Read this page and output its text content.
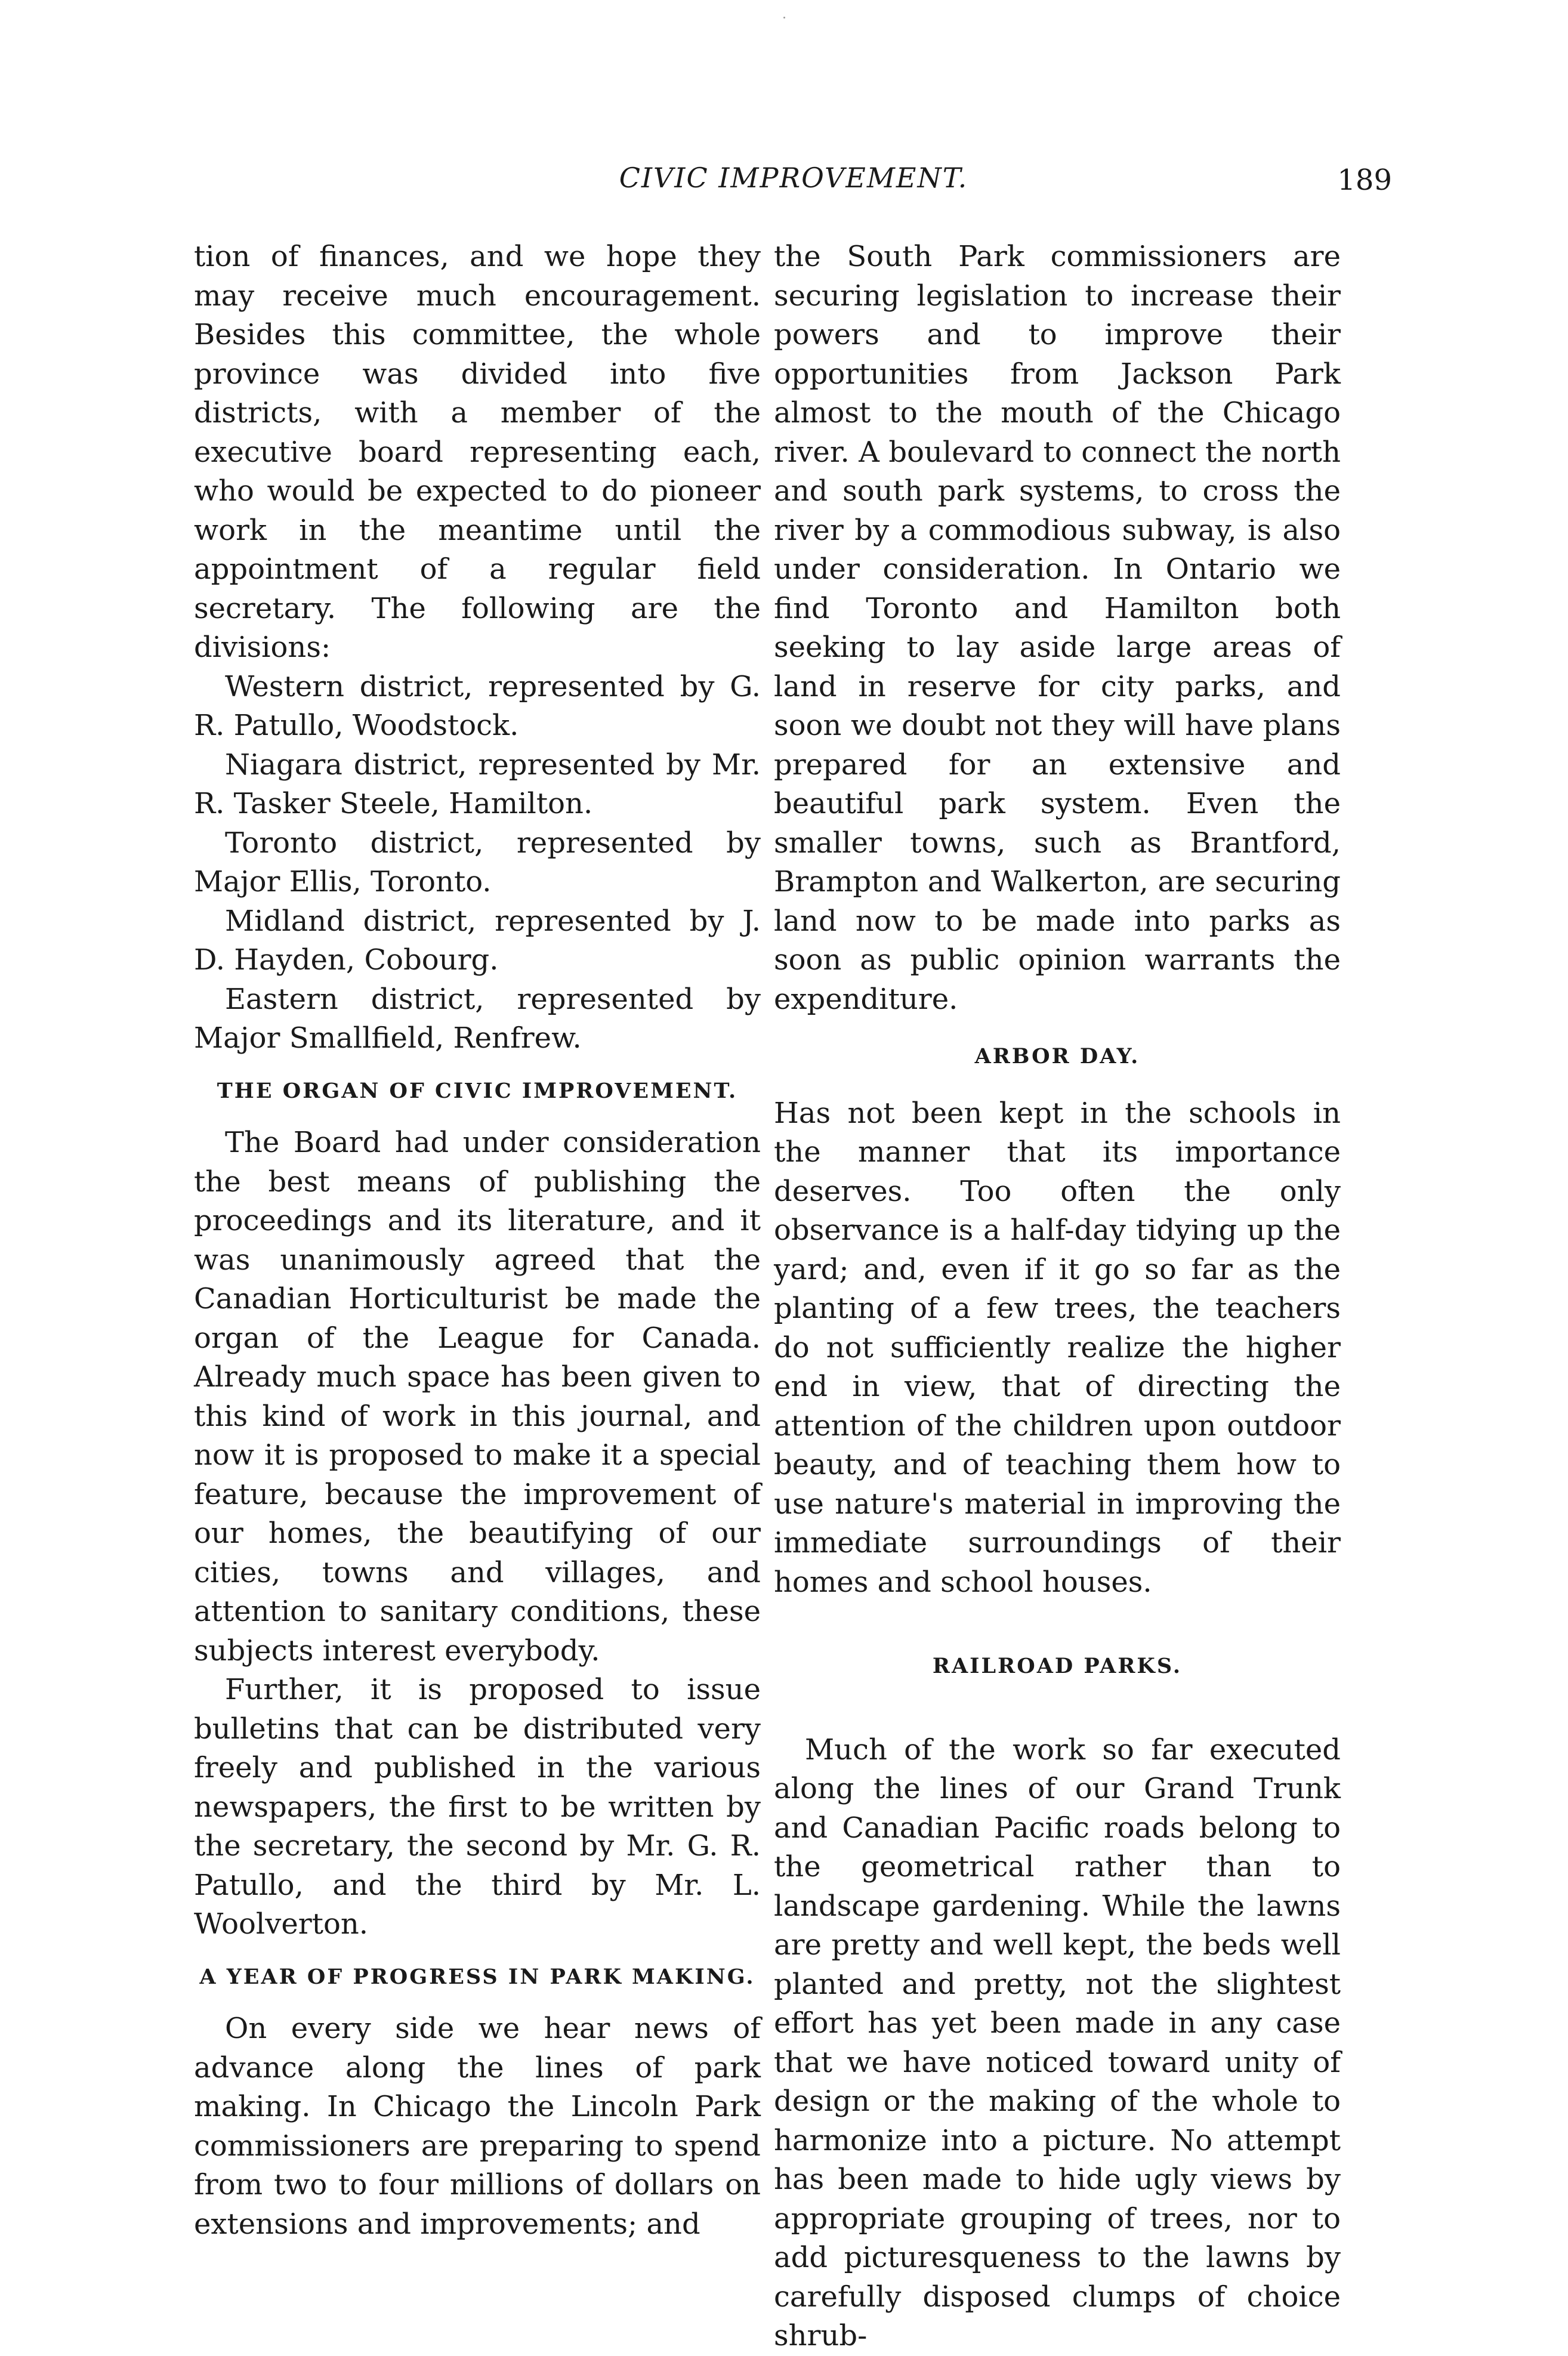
CIVIC IMPROVEMENT.	189

tion of finances, and we hope they may receive much encouragement. Besides this committee, the whole province was divided into five districts, with a member of the executive board representing each, who would be expected to do pioneer work in the meantime until the appointment of a regular field secretary. The following are the divisions:

Western district, represented by G. R. Patullo, Woodstock.

Niagara district, represented by Mr. R. Tasker Steele, Hamilton.

Toronto district, represented by Major Ellis, Toronto.

Midland district, represented by J. D. Hayden, Cobourg.

Eastern district, represented by Major Smallfield, Renfrew.

THE ORGAN OF CIVIC IMPROVEMENT.

The Board had under consideration the best means of publishing the proceedings and its literature, and it was unanimously agreed that the Canadian Horticulturist be made the organ of the League for Canada. Already much space has been given to this kind of work in this journal, and now it is proposed to make it a special feature, because the improvement of our homes, the beautifying of our cities, towns and villages, and attention to sanitary conditions, these subjects interest everybody.

Further, it is proposed to issue bulletins that can be distributed very freely and published in the various newspapers, the first to be written by the secretary, the second by Mr. G. R. Patullo, and the third by Mr. L. Woolverton.

A YEAR OF PROGRESS IN PARK MAKING.

On every side we hear news of advance along the lines of park making. In Chicago the Lincoln Park commissioners are preparing to spend from two to four millions of dollars on extensions and improvements; and

the South Park commissioners are securing legislation to increase their powers and to improve their opportunities from Jackson Park almost to the mouth of the Chicago river. A boulevard to connect the north and south park systems, to cross the river by a commodious subway, is also under consideration. In Ontario we find Toronto and Hamilton both seeking to lay aside large areas of land in reserve for city parks, and soon we doubt not they will have plans prepared for an extensive and beautiful park system. Even the smaller towns, such as Brantford, Brampton and Walkerton, are securing land now to be made into parks as soon as public opinion warrants the expenditure.

ARBOR DAY.

Has not been kept in the schools in the manner that its importance deserves. Too often the only observance is a half-day tidying up the yard; and, even if it go so far as the planting of a few trees, the teachers do not sufficiently realize the higher end in view, that of directing the attention of the children upon outdoor beauty, and of teaching them how to use nature's material in improving the immediate surroundings of their homes and school houses.

RAILROAD PARKS.

Much of the work so far executed along the lines of our Grand Trunk and Canadian Pacific roads belong to the geometrical rather than to landscape gardening. While the lawns are pretty and well kept, the beds well planted and pretty, not the slightest effort has yet been made in any case that we have noticed toward unity of design or the making of the whole to harmonize into a picture. No attempt has been made to hide ugly views by appropriate grouping of trees, nor to add picturesqueness to the lawns by carefully disposed clumps of choice shrub-
